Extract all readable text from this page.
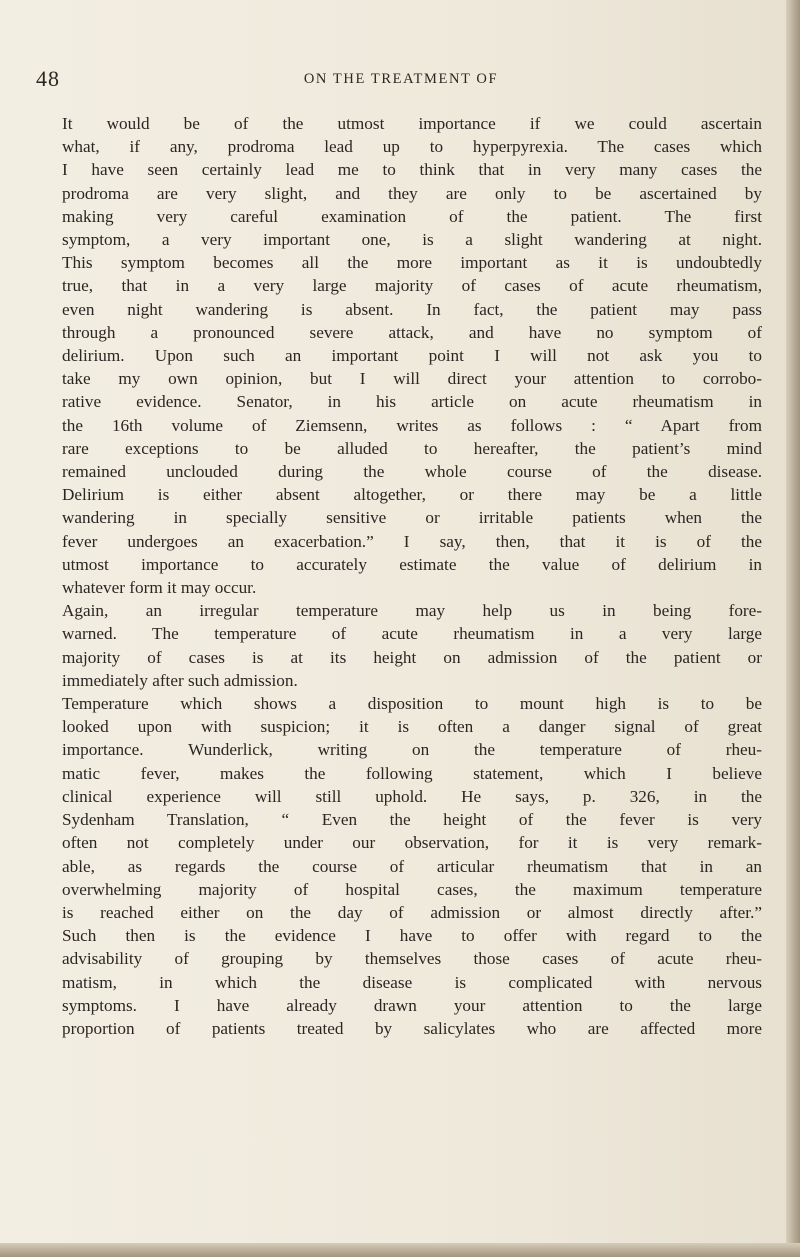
48	ON THE TREATMENT OF

It would be of the utmost importance if we could ascertain
what, if any, prodroma lead up to hyperpyrexia. The cases which
I have seen certainly lead me to think that in very many cases the
prodroma are very slight, and they are only to be ascertained by
making very careful examination of the patient. The first
symptom, a very important one, is a slight wandering at night.
This symptom becomes all the more important as it is undoubtedly
true, that in a very large majority of cases of acute rheumatism,
even night wandering is absent. In fact, the patient may pass
through a pronounced severe attack, and have no symptom of
delirium. Upon such an important point I will not ask you to
take my own opinion, but I will direct your attention to corrobo-
rative evidence. Senator, in his article on acute rheumatism in
the 16th volume of Ziemsenn, writes as follows : “ Apart from
rare exceptions to be alluded to hereafter, the patient’s mind
remained unclouded during the whole course of the disease.
Delirium is either absent altogether, or there may be a little
wandering in specially sensitive or irritable patients when the
fever undergoes an exacerbation.” I say, then, that it is of the
utmost importance to accurately estimate the value of delirium in
whatever form it may occur.

Again, an irregular temperature may help us in being fore-
warned. The temperature of acute rheumatism in a very large
majority of cases is at its height on admission of the patient or
immediately after such admission.

Temperature which shows a disposition to mount high is to be
looked upon with suspicion; it is often a danger signal of great
importance. Wunderlick, writing on the temperature of rheu-
matic fever, makes the following statement, which I believe
clinical experience will still uphold. He says, p. 326, in the
Sydenham Translation, “ Even the height of the fever is very
often not completely under our observation, for it is very remark-
able, as regards the course of articular rheumatism that in an
overwhelming majority of hospital cases, the maximum temperature
is reached either on the day of admission or almost directly after.”
Such then is the evidence I have to offer with regard to the
advisability of grouping by themselves those cases of acute rheu-
matism, in which the disease is complicated with nervous
symptoms. I have already drawn your attention to the large
proportion of patients treated by salicylates who are affected more
